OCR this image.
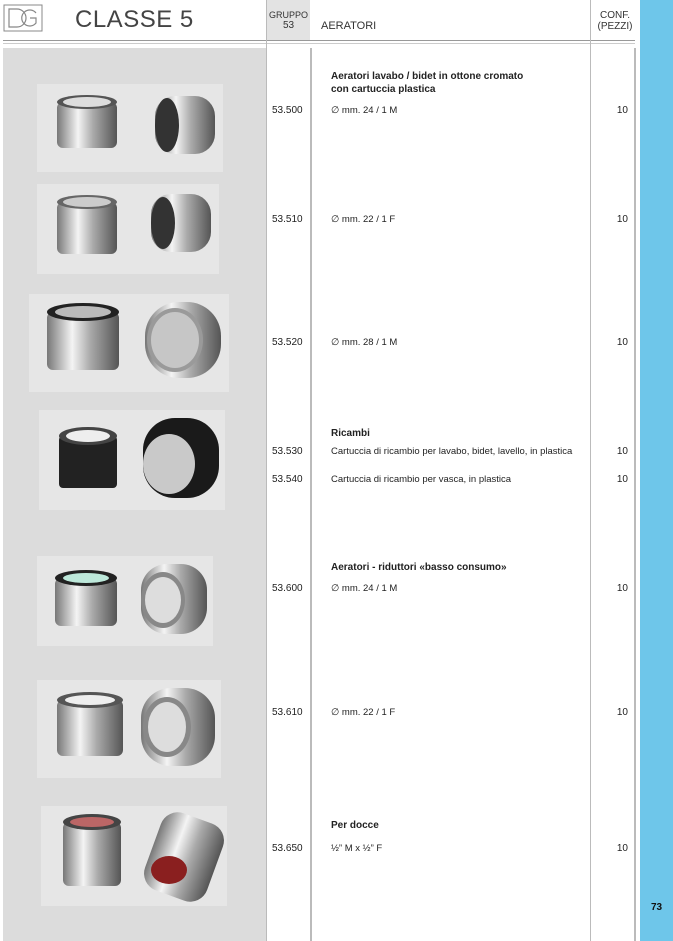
73
CLASSE 5	GRUPPO
53	AERATORI
CONF.
(PEZZI)
Aeratori lavabo / bidet in ottone cromato
con cartuccia plastica
Ricambi
Aeratori - riduttori «basso consumo»
Per docce
53.500	∅ mm. 24 / 1 M	10
53.510	∅ mm. 22 / 1 F	10
53.520	∅ mm. 28 / 1 M	10
53.530	Cartuccia di ricambio per lavabo, bidet, lavello, in plastica	10
53.540	Cartuccia di ricambio per vasca, in plastica	10
53.600	∅ mm. 24 / 1 M	10
53.610	∅ mm. 22 / 1 F	10
53.650	½” M x ½” F	10
